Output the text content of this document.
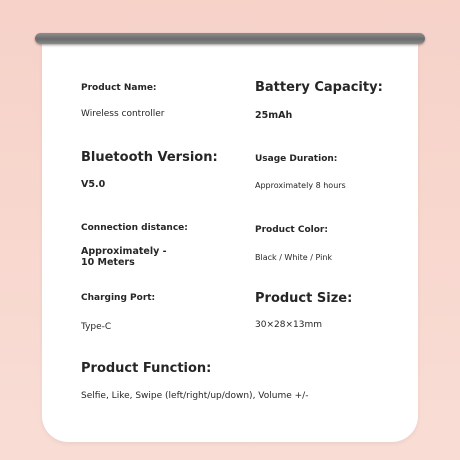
Product Name:
Wireless controller
Battery Capacity:
25mAh
Bluetooth Version:
V5.0
Usage Duration:
Approximately 8 hours
Connection distance:
Approximately -
10 Meters
Product Color:
Black / White / Pink
Charging Port:
Type-C
Product Size:
30×28×13mm
Product Function:
Selfie, Like, Swipe (left/right/up/down), Volume +/-
